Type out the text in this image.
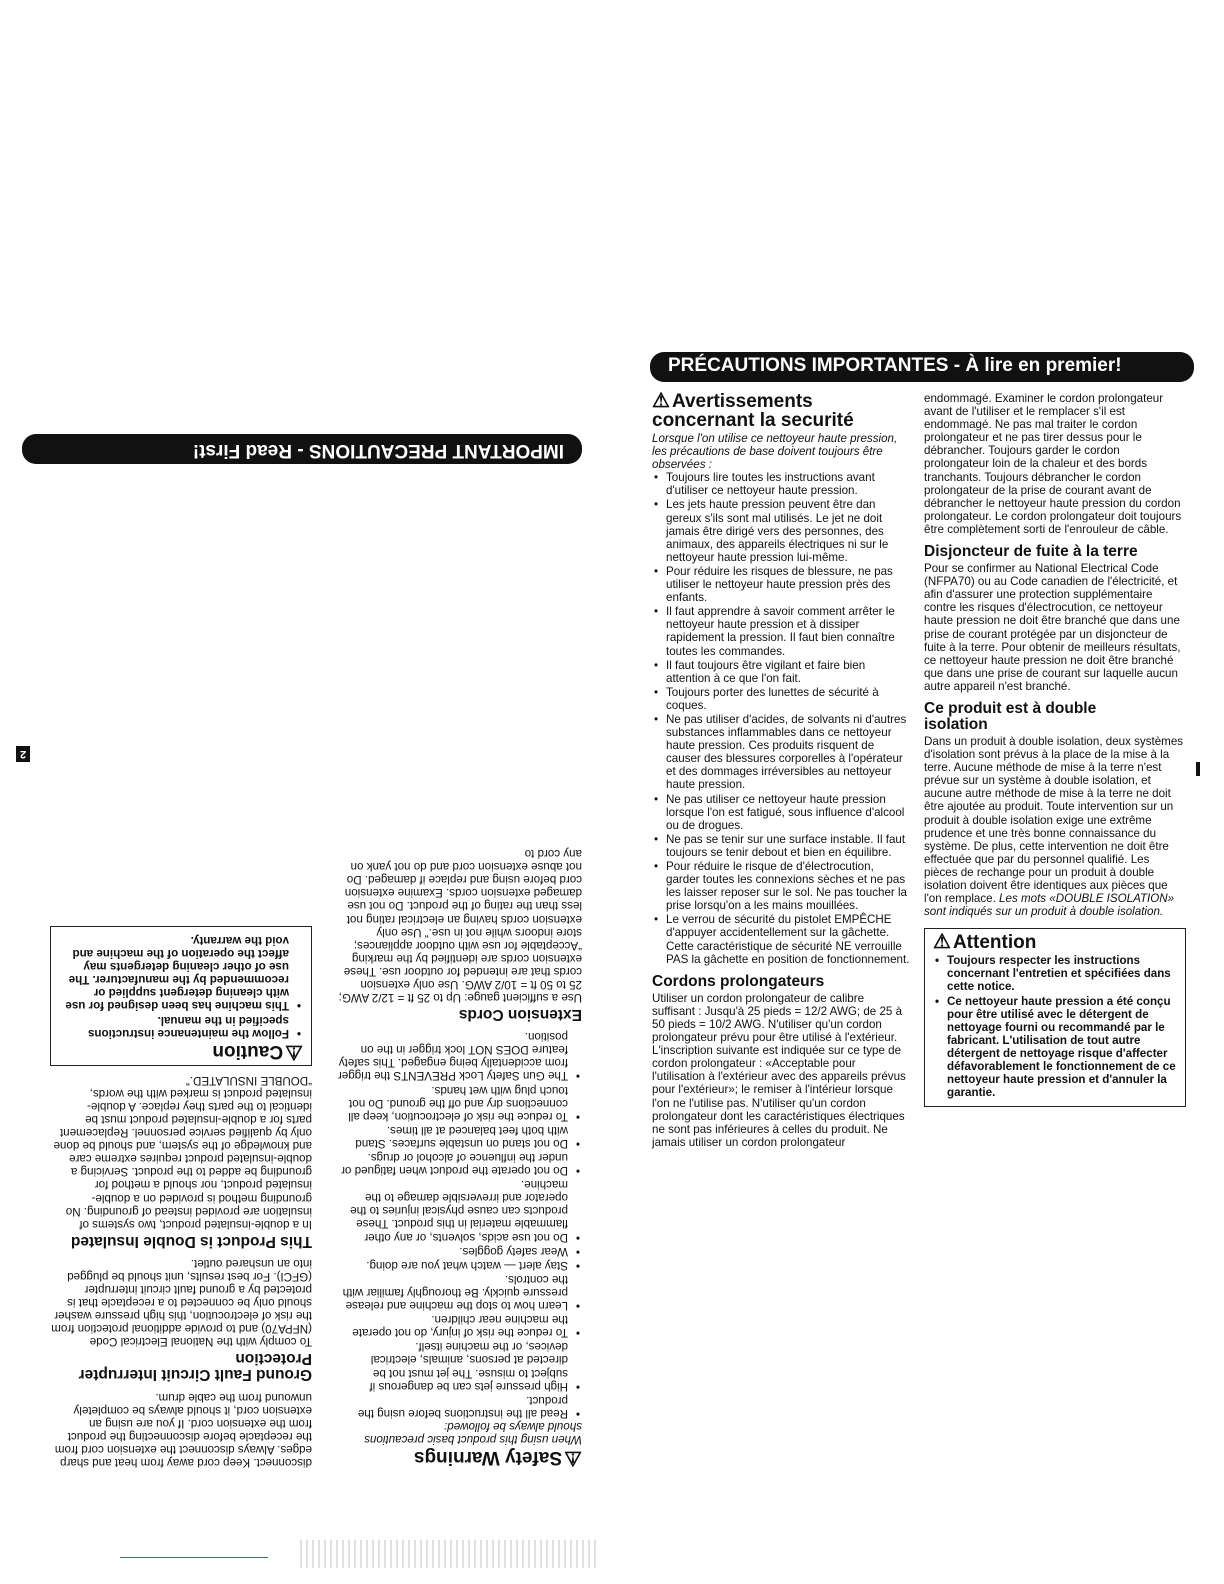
IMPORTANT PRECAUTIONS - Read First!
⚠Safety Warnings

When using this product basic precautions should always be followed:

• Read all the instructions before using the product.
• High pressure jets can be dangerous if subject to misuse. The jet must not be directed at persons, animals, electrical devices, or the machine itself.
• To reduce the risk of injury, do not operate the machine near children.
• Learn how to stop the machine and release pressure quickly. Be thoroughly familiar with the controls.
• Stay alert — watch what you are doing.
• Wear safety goggles.
• Do not use acids, solvents, or any other flammable material in this product. These products can cause physical injuries to the operator and irreversible damage to the machine.
• Do not operate the product when fatigued or under the influence of alcohol or drugs.
• Do not stand on unstable surfaces. Stand with both feet balanced at all times.
• To reduce the risk of electrocution, keep all connections dry and off the ground. Do not touch plug with wet hands.
• The Gun Safety Lock PREVENTS the trigger from accidentally being engaged. This safety feature DOES NOT lock trigger in the on position.
Extension Cords

Use a sufficient gauge: Up to 25 ft = 12/2 AWG; 25 to 50 ft = 10/2 AWG. Use only extension cords that are intended for outdoor use. These extension cords are identified by the marking “Acceptable for use with outdoor appliances; store indoors while not in use.” Use only extension cords having an electrical rating not less than the rating of the product. Do not use damaged extension cords. Examine extension cord before using and replace if damaged. Do not abuse extension cord and do not yank on any cord to

disconnect. Keep cord away from heat and sharp edges. Always disconnect the extension cord from the receptacle before disconnecting the product from the extension cord. If you are using an extension cord, it should always be completely unwound from the cable drum.

Ground Fault Circuit Interrupter Protection

To comply with the National Electrical Code (NFPA70) and to provide additional protection from the risk of electrocution, this high pressure washer should only be connected to a receptacle that is protected by a ground fault circuit interrupter (GFCI). For best results, unit should be plugged into an unshared outlet.

This Product is Double Insulated

In a double-insulated product, two systems of insulation are provided instead of grounding. No grounding method is provided on a double-insulated product, nor should a method for grounding be added to the product. Servicing a double-insulated product requires extreme care and knowledge of the system, and should be done only by qualified service personnel. Replacement parts for a double-insulated product must be identical to the parts they replace. A double-insulated product is marked with the words, “DOUBLE INSULATED.”

⚠Caution
• Follow the maintenance instructions specified in the manual.
• This machine has been designed for use with cleaning detergent supplied or recommended by the manufacturer. The use of other cleaning detergents may affect the operation of the machine and void the warranty.
2
PRÉCAUTIONS IMPORTANTES - À lire en premier!
⚠ Avertissements
concernant la securité

Lorsque l'on utilise ce nettoyeur haute pression, les précautions de base doivent toujours être observées :

• Toujours lire toutes les instructions avant d'utiliser ce nettoyeur haute pression.
• Les jets haute pression peuvent être dan gereux s'ils sont mal utilisés. Le jet ne doit jamais être dirigé vers des personnes, des animaux, des appareils électriques ni sur le nettoyeur haute pression lui-même.
• Pour réduire les risques de blessure, ne pas utiliser le nettoyeur haute pression près des enfants.
• Il faut apprendre à savoir comment arrêter le nettoyeur haute pression et à dissiper rapidement la pression. Il faut bien connaître toutes les commandes.
• Il faut toujours être vigilant et faire bien attention à ce que l'on fait.
• Toujours porter des lunettes de sécurité à coques.
• Ne pas utiliser d'acides, de solvants ni d'autres substances inflammables dans ce nettoyeur haute pression. Ces produits risquent de causer des blessures corporelles à l'opérateur et des dommages irréversibles au nettoyeur haute pression.
• Ne pas utiliser ce nettoyeur haute pression lorsque l'on est fatigué, sous influence d'alcool ou de drogues.
• Ne pas se tenir sur une surface instable. Il faut toujours se tenir debout et bien en équilibre.
• Pour réduire le risque de d'électrocution, garder toutes les connexions sèches et ne pas les laisser reposer sur le sol. Ne pas toucher la prise lorsqu'on a les mains mouillées.
• Le verrou de sécurité du pistolet EMPÊCHE d'appuyer accidentellement sur la gâchette. Cette caractéristique de sécurité NE verrouille PAS la gâchette en position de fonctionnement.
Cordons prolongateurs

Utiliser un cordon prolongateur de calibre suffisant : Jusqu'à 25 pieds = 12/2 AWG; de 25 à 50 pieds = 10/2 AWG. N'utiliser qu'un cordon prolongateur prévu pour être utilisé à l'extérieur. L'inscription suivante est indiquée sur ce type de cordon prolongateur : «Acceptable pour l'utilisation à l'extérieur avec des appareils prévus pour l'extérieur»; le remiser à l'intérieur lorsque l'on ne l'utilise pas. N'utiliser qu'un cordon prolongateur dont les caractéristiques électriques ne sont pas inférieures à celles du produit. Ne jamais utiliser un cordon prolongateur

endommagé. Examiner le cordon prolongateur avant de l'utiliser et le remplacer s'il est endommagé. Ne pas mal traiter le cordon prolongateur et ne pas tirer dessus pour le débrancher. Toujours garder le cordon prolongateur loin de la chaleur et des bords tranchants. Toujours débrancher le cordon prolongateur de la prise de courant avant de débrancher le nettoyeur haute pression du cordon prolongateur. Le cordon prolongateur doit toujours être complètement sorti de l'enrouleur de câble.

Disjoncteur de fuite à la terre

Pour se confirmer au National Electrical Code (NFPA70) ou au Code canadien de l'électricité, et afin d'assurer une protection supplémentaire contre les risques d'électrocution, ce nettoyeur haute pression ne doit être branché que dans une prise de courant protégée par un disjoncteur de fuite à la terre. Pour obtenir de meilleurs résultats, ce nettoyeur haute pression ne doit être branché que dans une prise de courant sur laquelle aucun autre appareil n'est branché.

Ce produit est à double
isolation

Dans un produit à double isolation, deux systèmes d'isolation sont prévus à la place de la mise à la terre. Aucune méthode de mise à la terre n'est prévue sur un système à double isolation, et aucune autre méthode de mise à la terre ne doit être ajoutée au produit. Toute intervention sur un produit à double isolation exige une extrême prudence et une très bonne connaissance du système. De plus, cette intervention ne doit être effectuée que par du personnel qualifié. Les pièces de rechange pour un produit à double isolation doivent être identiques aux pièces que l'on remplace. Les mots «DOUBLE ISOLATION» sont indiqués sur un produit à double isolation.

⚠ Attention
• Toujours respecter les instructions concernant l'entretien et spécifiées dans cette notice.
• Ce nettoyeur haute pression a été conçu pour être utilisé avec le détergent de nettoyage fourni ou recommandé par le fabricant. L'utilisation de tout autre détergent de nettoyage risque d'affecter défavorablement le fonctionnement de ce nettoyeur haute pression et d'annuler la garantie.
